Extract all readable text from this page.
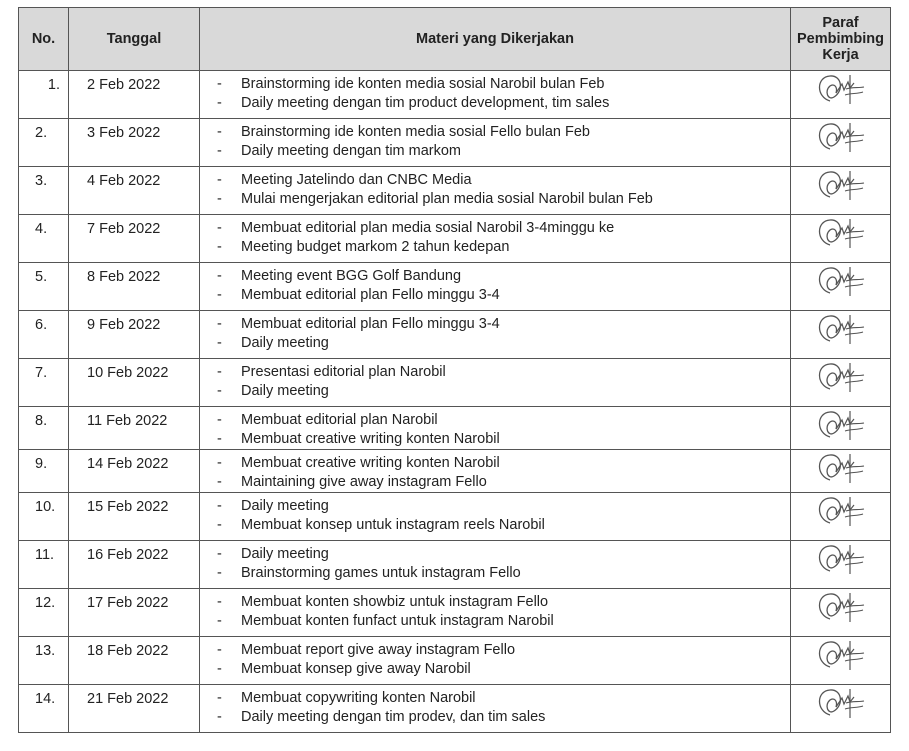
No.	Tanggal	Materi yang Dikerjakan	Paraf
Pembimbing
Kerja

1.	2 Feb 2022	- Brainstorming ide konten media sosial Narobil bulan Feb
- Daily meeting dengan tim product development, tim sales

2.	3 Feb 2022	- Brainstorming ide konten media sosial Fello bulan Feb
- Daily meeting dengan tim markom

3.	4 Feb 2022	- Meeting Jatelindo dan CNBC Media
- Mulai mengerjakan editorial plan media sosial Narobil bulan Feb

4.	7 Feb 2022	- Membuat editorial plan media sosial Narobil 3-4minggu ke
- Meeting budget markom 2 tahun kedepan

5.	8 Feb 2022	- Meeting event BGG Golf Bandung
- Membuat editorial plan Fello minggu 3-4

6.	9 Feb 2022	- Membuat editorial plan Fello minggu 3-4
- Daily meeting

7.	10 Feb 2022	- Presentasi editorial plan Narobil
- Daily meeting

8.	11 Feb 2022	- Membuat editorial plan Narobil
- Membuat creative writing konten Narobil

9.	14 Feb 2022	- Membuat creative writing konten Narobil
- Maintaining give away instagram Fello

10.	15 Feb 2022	- Daily meeting
- Membuat konsep untuk instagram reels Narobil

11.	16 Feb 2022	- Daily meeting
- Brainstorming games untuk instagram Fello

12.	17 Feb 2022	- Membuat konten showbiz untuk instagram Fello
- Membuat konten funfact untuk instagram Narobil

13.	18 Feb 2022	- Membuat report give away instagram Fello
- Membuat konsep give away Narobil

14.	21 Feb 2022	- Membuat copywriting konten Narobil
- Daily meeting dengan tim prodev, dan tim sales
